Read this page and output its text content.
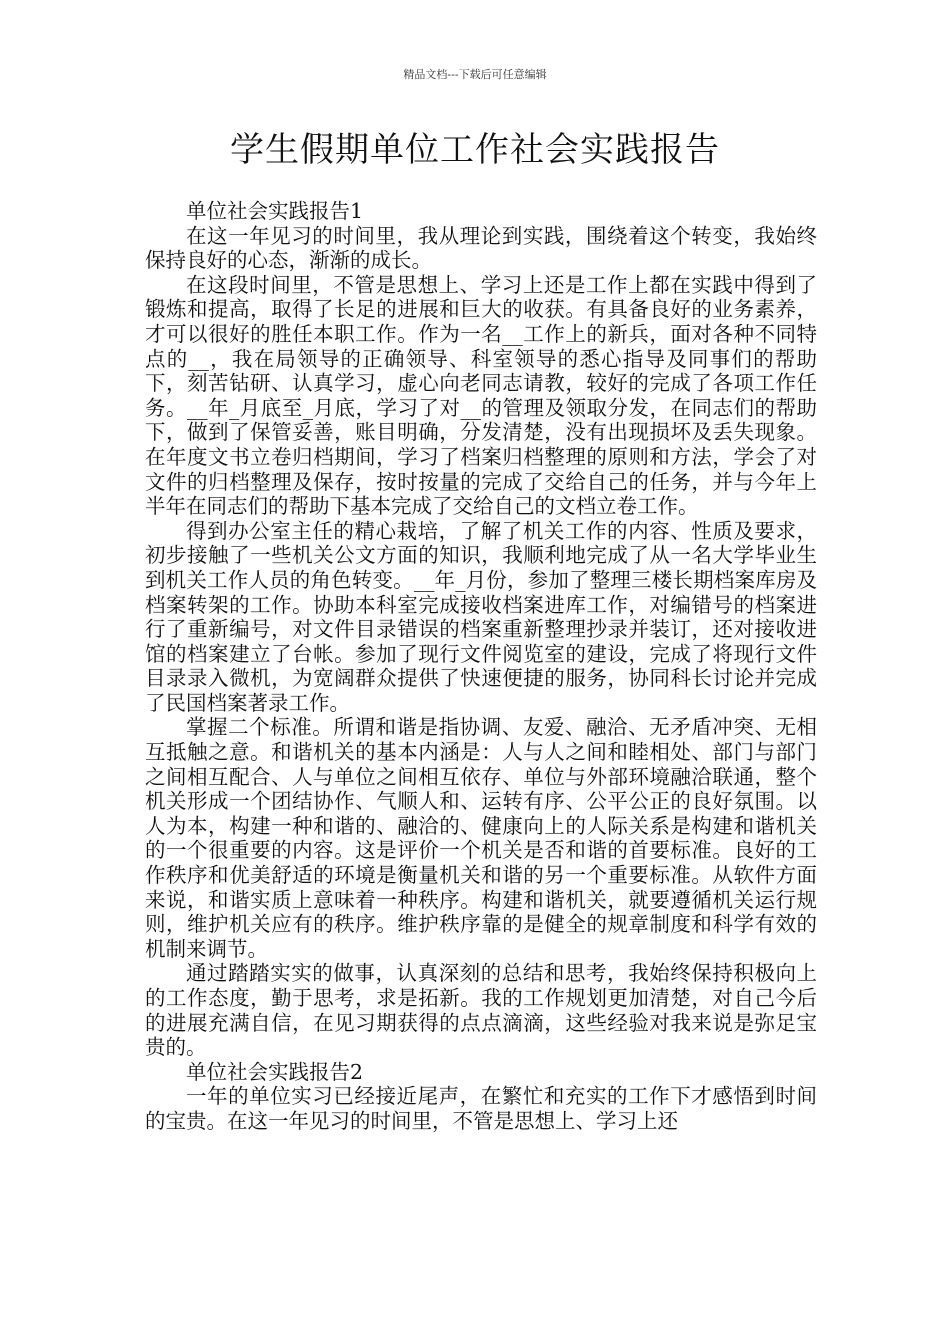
精品文档---下载后可任意编辑
学生假期单位工作社会实践报告

单位社会实践报告1

在这一年见习的时间里，我从理论到实践，围绕着这个转变，我始终保持良好的心态，渐渐的成长。

在这段时间里，不管是思想上、学习上还是工作上都在实践中得到了锻炼和提高，取得了长足的进展和巨大的收获。有具备良好的业务素养，才可以很好的胜任本职工作。作为一名__工作上的新兵，面对各种不同特点的__，我在局领导的正确领导、科室领导的悉心指导及同事们的帮助下，刻苦钻研、认真学习，虚心向老同志请教，较好的完成了各项工作任务。__年_月底至_月底，学习了对__的管理及领取分发，在同志们的帮助下，做到了保管妥善，账目明确，分发清楚，没有出现损坏及丢失现象。在年度文书立卷归档期间，学习了档案归档整理的原则和方法，学会了对文件的归档整理及保存，按时按量的完成了交给自己的任务，并与今年上半年在同志们的帮助下基本完成了交给自己的文档立卷工作。

得到办公室主任的精心栽培，了解了机关工作的内容、性质及要求，初步接触了一些机关公文方面的知识，我顺利地完成了从一名大学毕业生到机关工作人员的角色转变。__年_月份，参加了整理三楼长期档案库房及档案转架的工作。协助本科室完成接收档案进库工作，对编错号的档案进行了重新编号，对文件目录错误的档案重新整理抄录并装订，还对接收进馆的档案建立了台帐。参加了现行文件阅览室的建设，完成了将现行文件目录录入微机，为宽阔群众提供了快速便捷的服务，协同科长讨论并完成了民国档案著录工作。

掌握二个标准。所谓和谐是指协调、友爱、融洽、无矛盾冲突、无相互抵触之意。和谐机关的基本内涵是：人与人之间和睦相处、部门与部门之间相互配合、人与单位之间相互依存、单位与外部环境融洽联通，整个机关形成一个团结协作、气顺人和、运转有序、公平公正的良好氛围。以人为本，构建一种和谐的、融洽的、健康向上的人际关系是构建和谐机关的一个很重要的内容。这是评价一个机关是否和谐的首要标准。良好的工作秩序和优美舒适的环境是衡量机关和谐的另一个重要标准。从软件方面来说，和谐实质上意味着一种秩序。构建和谐机关，就要遵循机关运行规则，维护机关应有的秩序。维护秩序靠的是健全的规章制度和科学有效的机制来调节。

通过踏踏实实的做事，认真深刻的总结和思考，我始终保持积极向上的工作态度，勤于思考，求是拓新。我的工作规划更加清楚，对自己今后的进展充满自信，在见习期获得的点点滴滴，这些经验对我来说是弥足宝贵的。

单位社会实践报告2

一年的单位实习已经接近尾声，在繁忙和充实的工作下才感悟到时间的宝贵。在这一年见习的时间里，不管是思想上、学习上还
